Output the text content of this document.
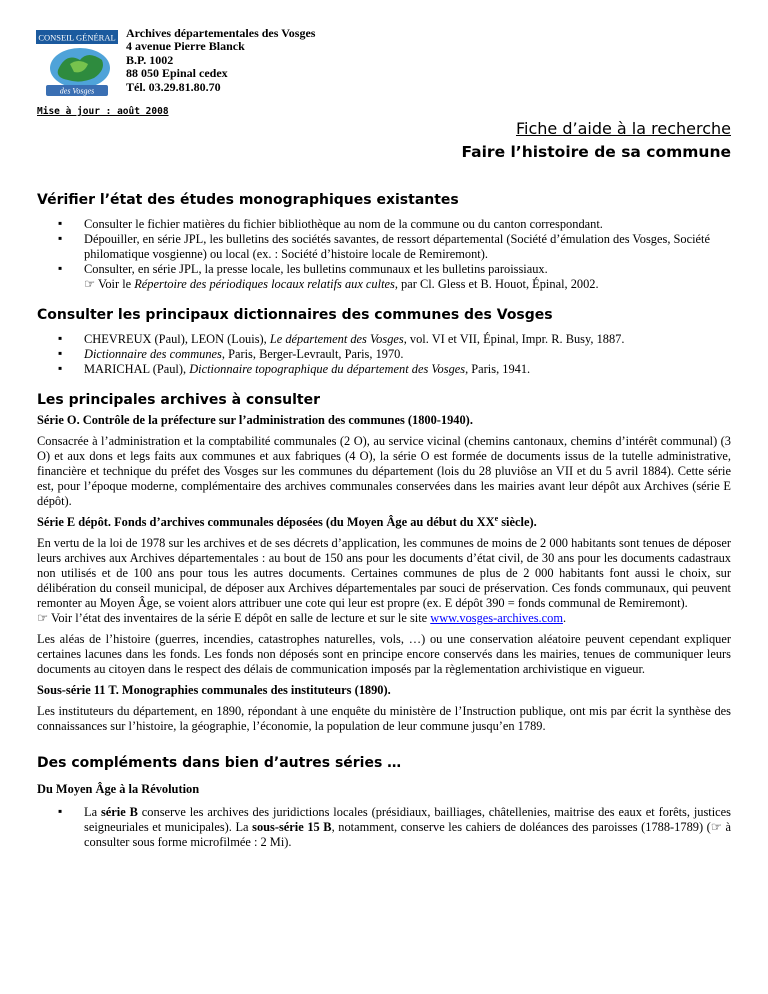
CONSEIL GÉNÉRAL
des Vosges
Archives départementales des Vosges
4 avenue Pierre Blanck
B.P. 1002
88 050 Epinal cedex
Tél. 03.29.81.80.70
Mise à jour : août 2008
Fiche d’aide à la recherche
Faire l’histoire de sa commune
Vérifier l’état des études monographiques existantes
▪ Consulter le fichier matières du fichier bibliothèque au nom de la commune ou du canton correspondant.
▪ Dépouiller, en série JPL, les bulletins des sociétés savantes, de ressort départemental (Société d’émulation des Vosges, Société philomatique vosgienne) ou local (ex. : Société d’histoire locale de Remiremont).
▪ Consulter, en série JPL, la presse locale, les bulletins communaux et les bulletins paroissiaux.
☞ Voir le Répertoire des périodiques locaux relatifs aux cultes, par Cl. Gless et B. Houot, Épinal, 2002.
Consulter les principaux dictionnaires des communes des Vosges
▪ CHEVREUX (Paul), LEON (Louis), Le département des Vosges, vol. VI et VII, Épinal, Impr. R. Busy, 1887.
▪ Dictionnaire des communes, Paris, Berger-Levrault, Paris, 1970.
▪ MARICHAL (Paul), Dictionnaire topographique du département des Vosges, Paris, 1941.
Les principales archives à consulter

Série O. Contrôle de la préfecture sur l’administration des communes (1800-1940).

Consacrée à l’administration et la comptabilité communales (2 O), au service vicinal (chemins cantonaux, chemins d’intérêt communal) (3 O) et aux dons et legs faits aux communes et aux fabriques (4 O), la série O est formée de documents issus de la tutelle administrative, financière et technique du préfet des Vosges sur les communes du département (lois du 28 pluviôse an VII et du 5 avril 1884). Cette série est, pour l’époque moderne, complémentaire des archives communales conservées dans les mairies avant leur dépôt aux Archives (série E dépôt).

Série E dépôt. Fonds d’archives communales déposées (du Moyen Âge au début du XXe siècle).

En vertu de la loi de 1978 sur les archives et de ses décrets d’application, les communes de moins de 2 000 habitants sont tenues de déposer leurs archives aux Archives départementales : au bout de 150 ans pour les documents d’état civil, de 30 ans pour les documents cadastraux non utilisés et de 100 ans pour tous les autres documents. Certaines communes de plus de 2 000 habitants font aussi le choix, sur délibération du conseil municipal, de déposer aux Archives départementales par souci de préservation. Ces fonds communaux, qui peuvent remonter au Moyen Âge, se voient alors attribuer une cote qui leur est propre (ex. E dépôt 390 = fonds communal de Remiremont).

☞ Voir l’état des inventaires de la série E dépôt en salle de lecture et sur le site www.vosges-archives.com.

Les aléas de l’histoire (guerres, incendies, catastrophes naturelles, vols, …) ou une conservation aléatoire peuvent cependant expliquer certaines lacunes dans les fonds. Les fonds non déposés sont en principe encore conservés dans les mairies, tenues de communiquer leurs documents au citoyen dans le respect des délais de communication imposés par la règlementation archivistique en vigueur.

Sous-série 11 T. Monographies communales des instituteurs (1890).

Les instituteurs du département, en 1890, répondant à une enquête du ministère de l’Instruction publique, ont mis par écrit la synthèse des connaissances sur l’histoire, la géographie, l’économie, la population de leur commune jusqu’en 1789.

Des compléments dans bien d’autres séries …

Du Moyen Âge à la Révolution

▪ La série B conserve les archives des juridictions locales (présidiaux, bailliages, châtellenies, maitrise des eaux et forêts, justices seigneuriales et municipales). La sous-série 15 B, notamment, conserve les cahiers de doléances des paroisses (1788-1789) (☞ à consulter sous forme microfilmée : 2 Mi).
